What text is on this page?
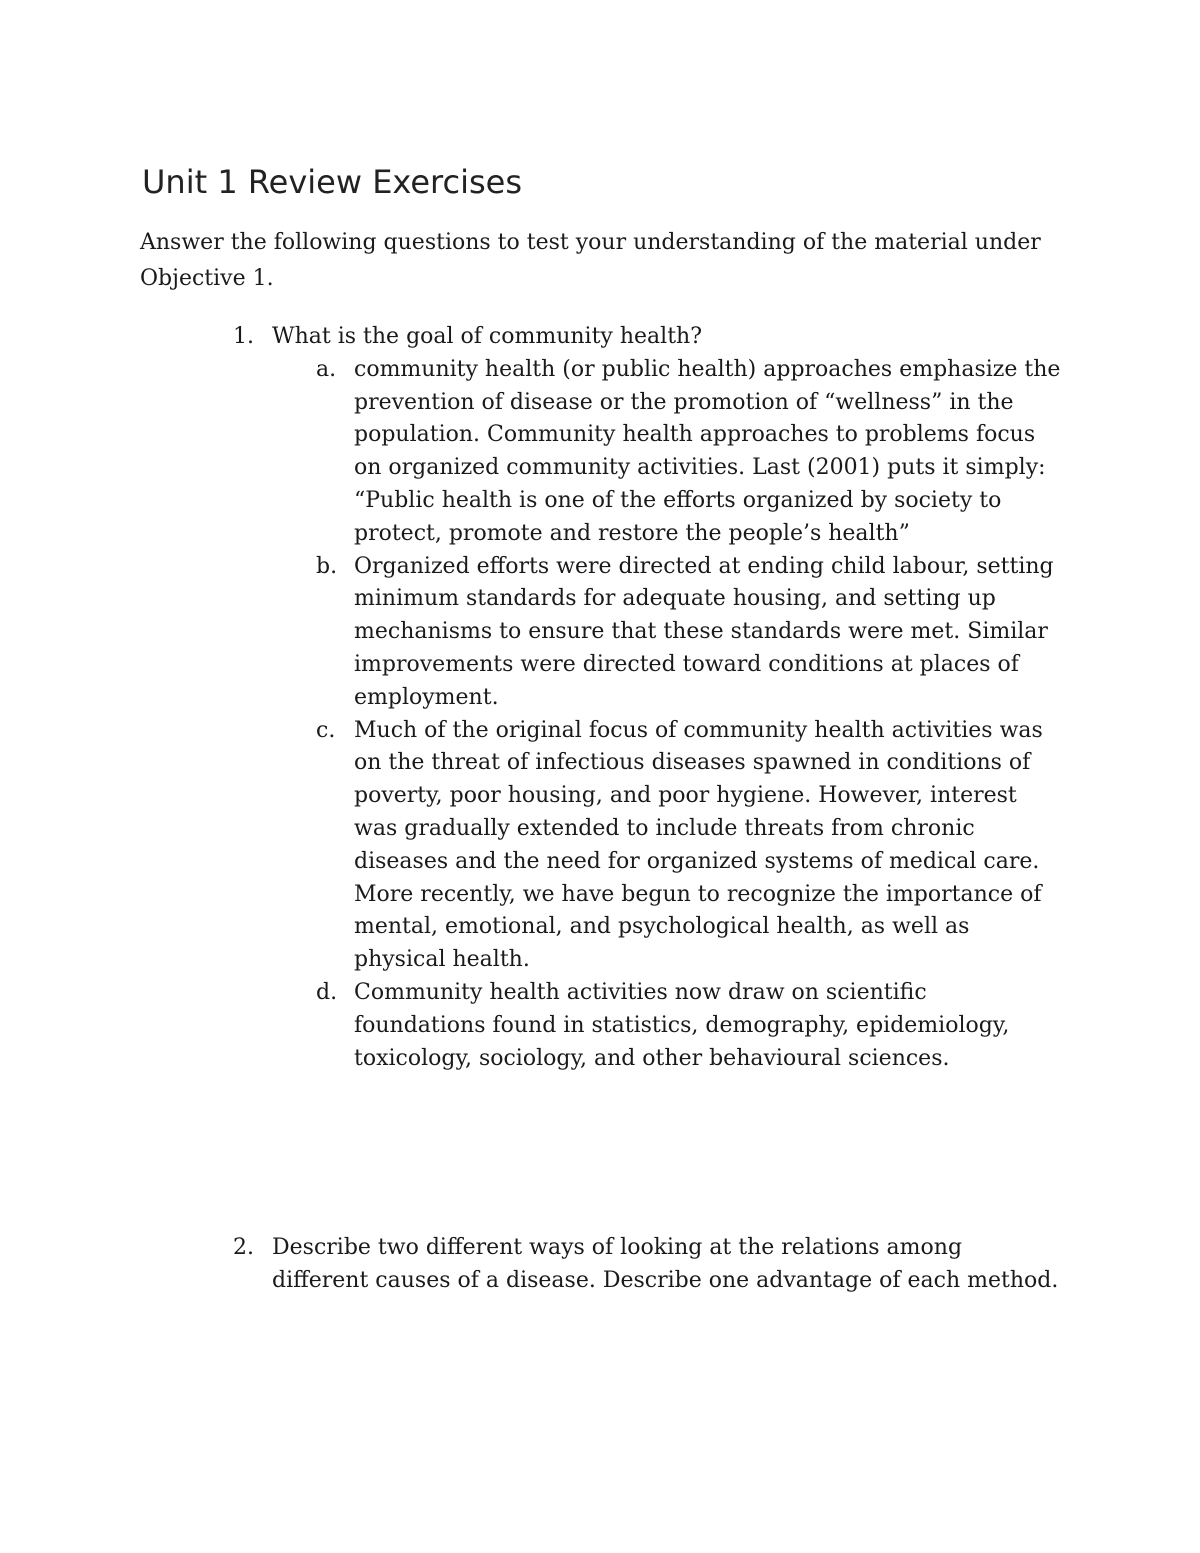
Unit 1 Review Exercises

Answer the following questions to test your understanding of the material under Objective 1.

1. What is the goal of community health?
a. community health (or public health) approaches emphasize the prevention of disease or the promotion of “wellness” in the population. Community health approaches to problems focus on organized community activities. Last (2001) puts it simply: “Public health is one of the efforts organized by society to protect, promote and restore the people’s health”
b. Organized efforts were directed at ending child labour, setting minimum standards for adequate housing, and setting up mechanisms to ensure that these standards were met. Similar improvements were directed toward conditions at places of employment.
c. Much of the original focus of community health activities was on the threat of infectious diseases spawned in conditions of poverty, poor housing, and poor hygiene. However, interest was gradually extended to include threats from chronic diseases and the need for organized systems of medical care. More recently, we have begun to recognize the importance of mental, emotional, and psychological health, as well as physical health.
d. Community health activities now draw on scientific foundations found in statistics, demography, epidemiology, toxicology, sociology, and other behavioural sciences.
2. Describe two different ways of looking at the relations among different causes of a disease. Describe one advantage of each method.
